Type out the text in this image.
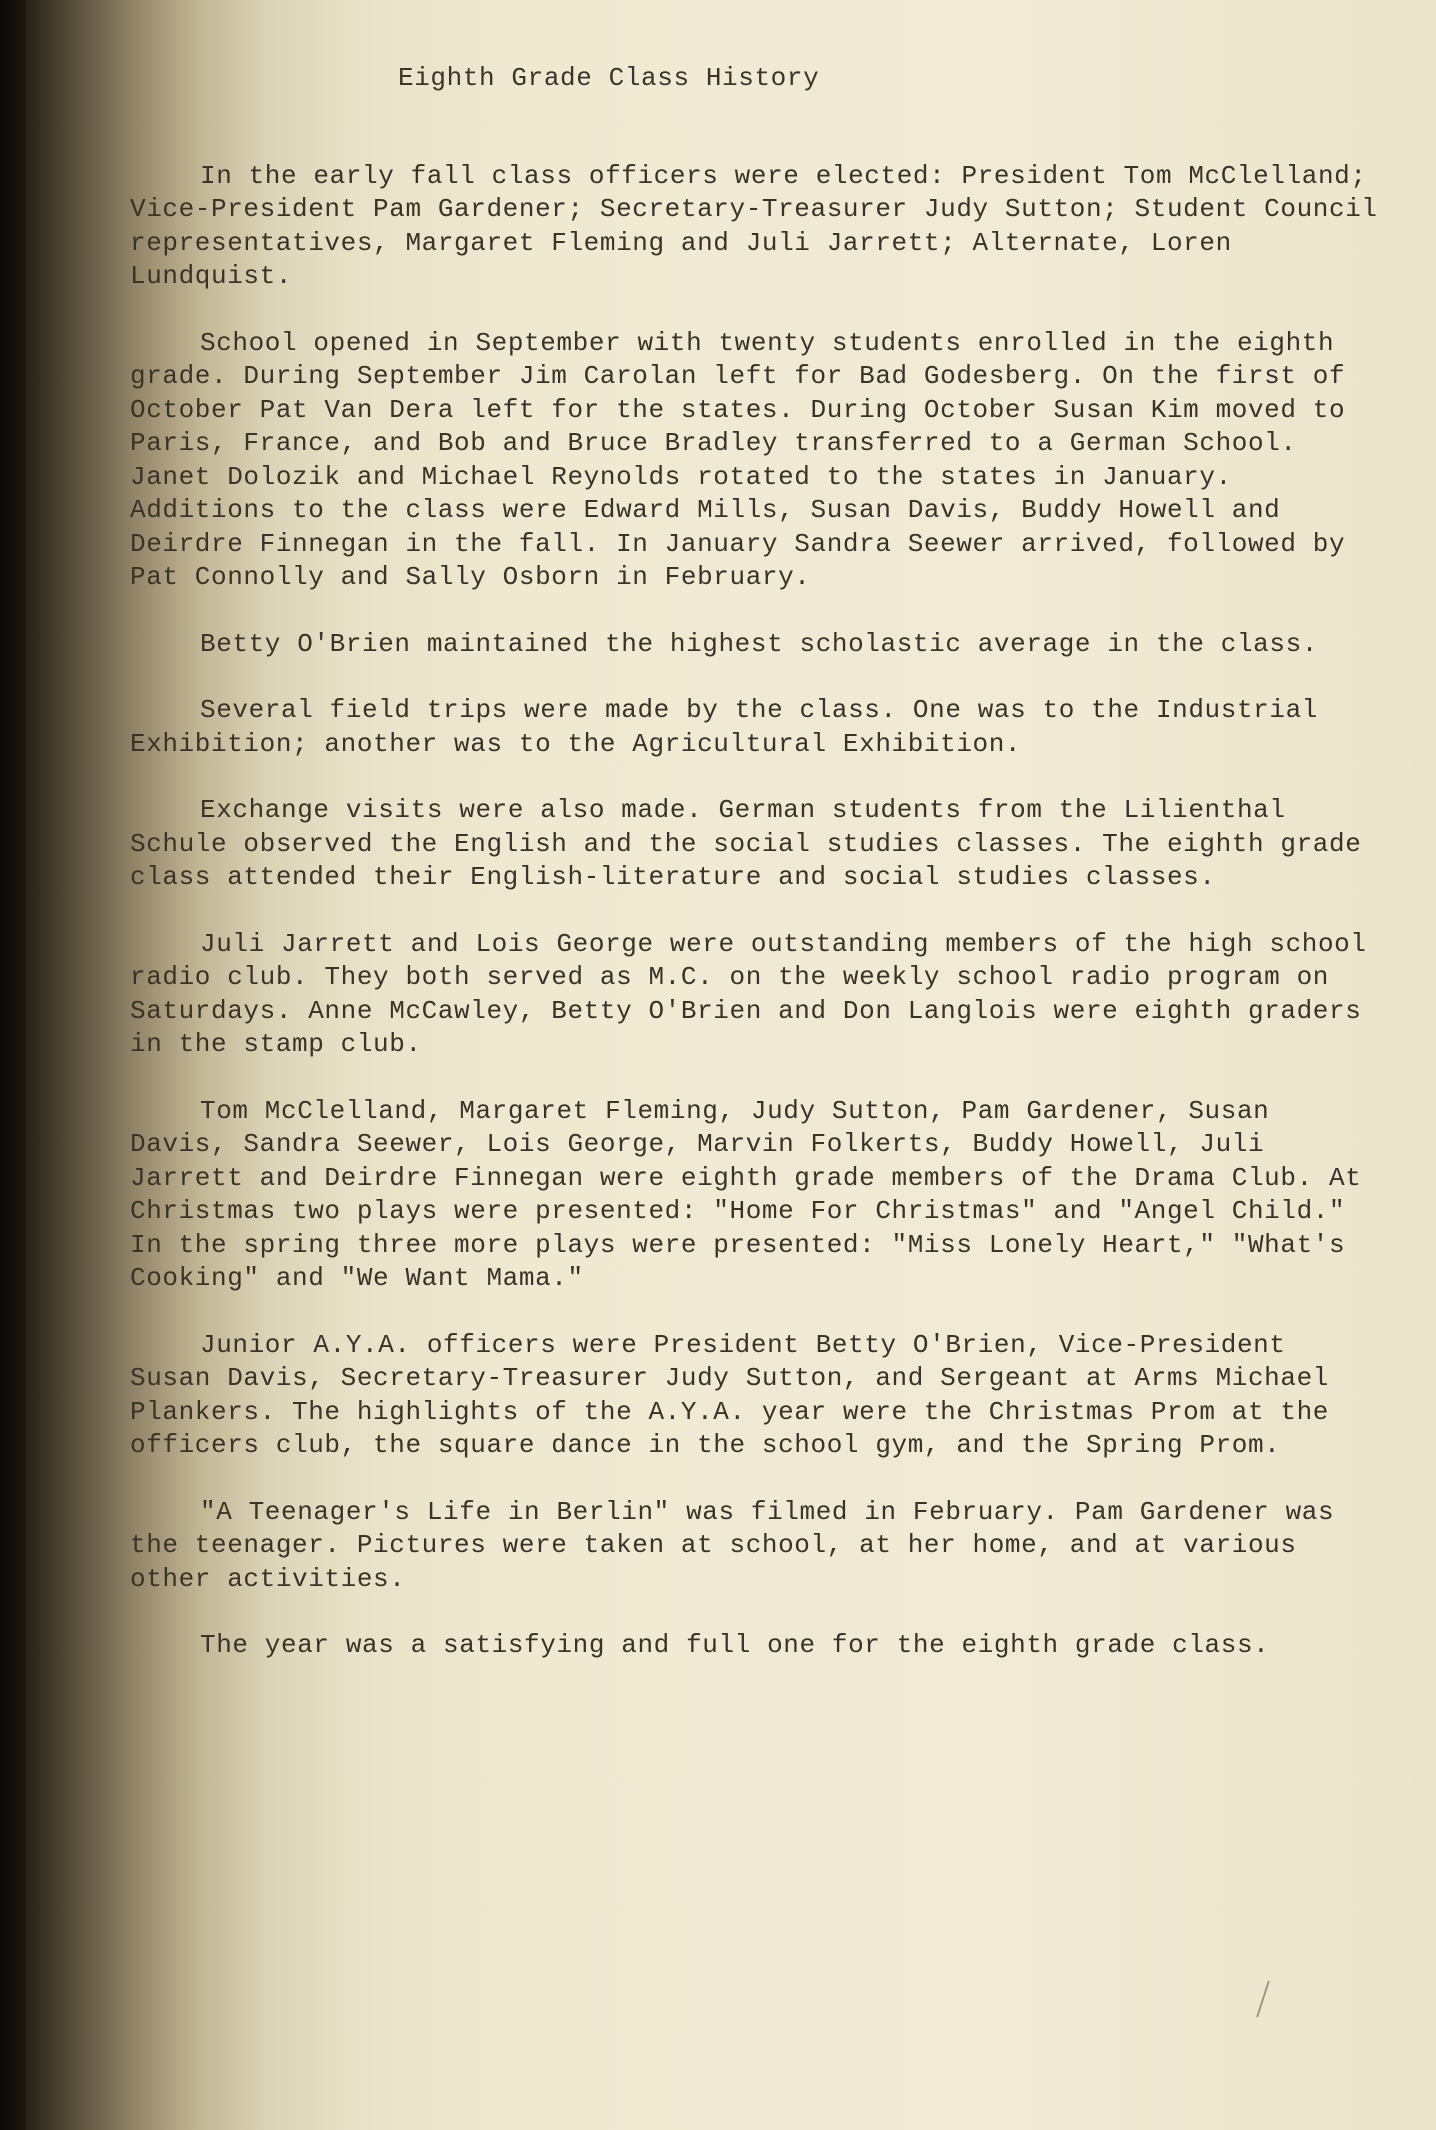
Eighth Grade Class History

In the early fall class officers were elected: President Tom McClelland; Vice-President Pam Gardener; Secretary-Treasurer Judy Sutton; Student Council representatives, Margaret Fleming and Juli Jarrett; Alternate, Loren Lundquist.

School opened in September with twenty students enrolled in the eighth grade. During September Jim Carolan left for Bad Godesberg. On the first of October Pat Van Dera left for the states. During October Susan Kim moved to Paris, France, and Bob and Bruce Bradley transferred to a German School. Janet Dolozik and Michael Reynolds rotated to the states in January. Additions to the class were Edward Mills, Susan Davis, Buddy Howell and Deirdre Finnegan in the fall. In January Sandra Seewer arrived, followed by Pat Connolly and Sally Osborn in February.

Betty O'Brien maintained the highest scholastic average in the class.

Several field trips were made by the class. One was to the Industrial Exhibition; another was to the Agricultural Exhibition.

Exchange visits were also made. German students from the Lilienthal Schule observed the English and the social studies classes. The eighth grade class attended their English-literature and social studies classes.

Juli Jarrett and Lois George were outstanding members of the high school radio club. They both served as M.C. on the weekly school radio program on Saturdays. Anne McCawley, Betty O'Brien and Don Langlois were eighth graders in the stamp club.

Tom McClelland, Margaret Fleming, Judy Sutton, Pam Gardener, Susan Davis, Sandra Seewer, Lois George, Marvin Folkerts, Buddy Howell, Juli Jarrett and Deirdre Finnegan were eighth grade members of the Drama Club. At Christmas two plays were presented: "Home For Christmas" and "Angel Child." In the spring three more plays were presented: "Miss Lonely Heart," "What's Cooking" and "We Want Mama."

Junior A.Y.A. officers were President Betty O'Brien, Vice-President Susan Davis, Secretary-Treasurer Judy Sutton, and Sergeant at Arms Michael Plankers. The highlights of the A.Y.A. year were the Christmas Prom at the officers club, the square dance in the school gym, and the Spring Prom.

"A Teenager's Life in Berlin" was filmed in February. Pam Gardener was the teenager. Pictures were taken at school, at her home, and at various other activities.

The year was a satisfying and full one for the eighth grade class.
